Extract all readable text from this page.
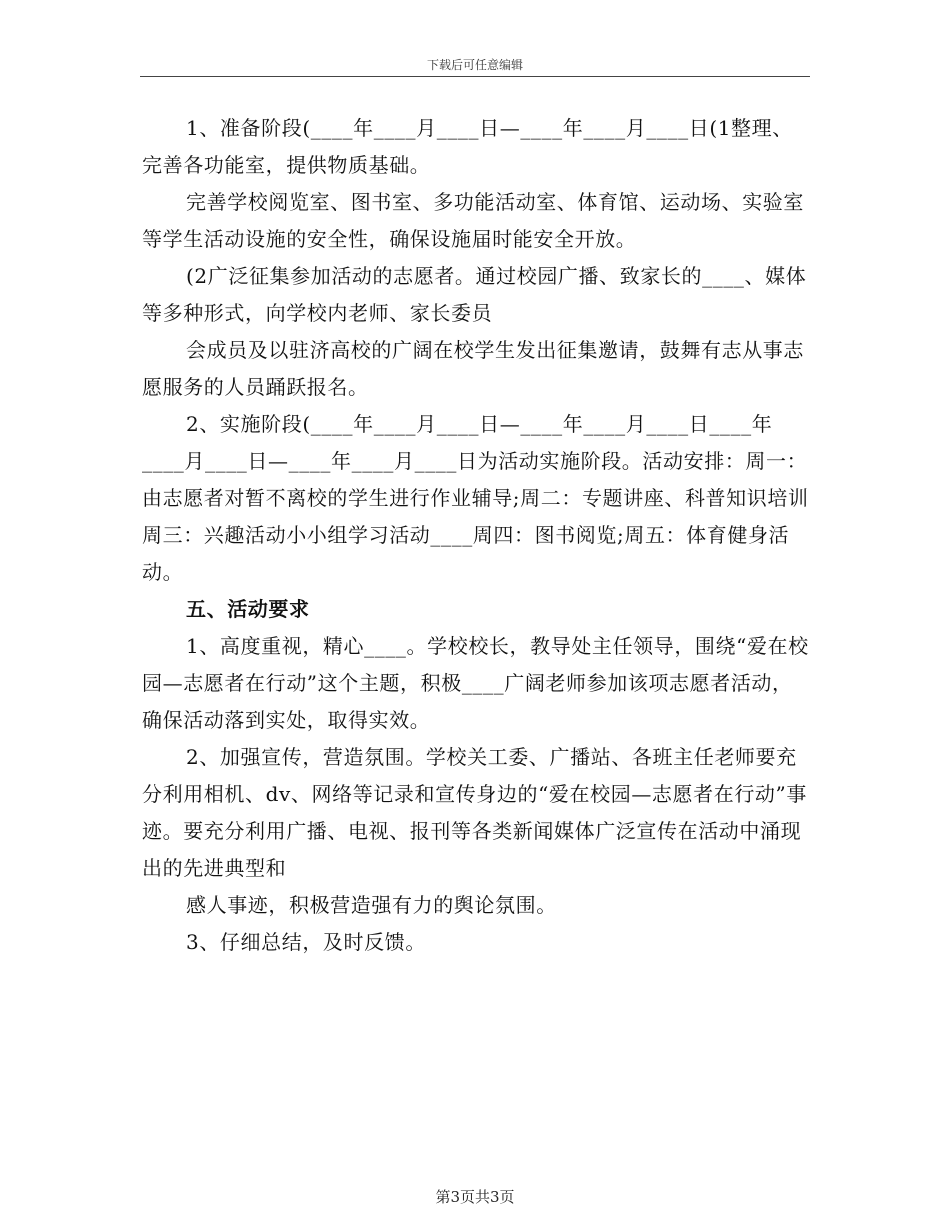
下载后可任意编辑

1、准备阶段(____年____月____日—____年____月____日(1整理、完善各功能室，提供物质基础。

完善学校阅览室、图书室、多功能活动室、体育馆、运动场、实验室等学生活动设施的安全性，确保设施届时能安全开放。

(2广泛征集参加活动的志愿者。通过校园广播、致家长的____、媒体等多种形式，向学校内老师、家长委员

会成员及以驻济高校的广阔在校学生发出征集邀请，鼓舞有志从事志愿服务的人员踊跃报名。

2、实施阶段(____年____月____日—____年____月____日____年____月____日—____年____月____日为活动实施阶段。活动安排：周一：由志愿者对暂不离校的学生进行作业辅导;周二：专题讲座、科普知识培训周三：兴趣活动小小组学习活动____周四：图书阅览;周五：体育健身活动。

五、活动要求

1、高度重视，精心____。学校校长，教导处主任领导，围绕“爱在校园—志愿者在行动”这个主题，积极____广阔老师参加该项志愿者活动，确保活动落到实处，取得实效。

2、加强宣传，营造氛围。学校关工委、广播站、各班主任老师要充分利用相机、dv、网络等记录和宣传身边的“爱在校园—志愿者在行动”事迹。要充分利用广播、电视、报刊等各类新闻媒体广泛宣传在活动中涌现出的先进典型和

感人事迹，积极营造强有力的舆论氛围。

3、仔细总结，及时反馈。

第3页共3页
